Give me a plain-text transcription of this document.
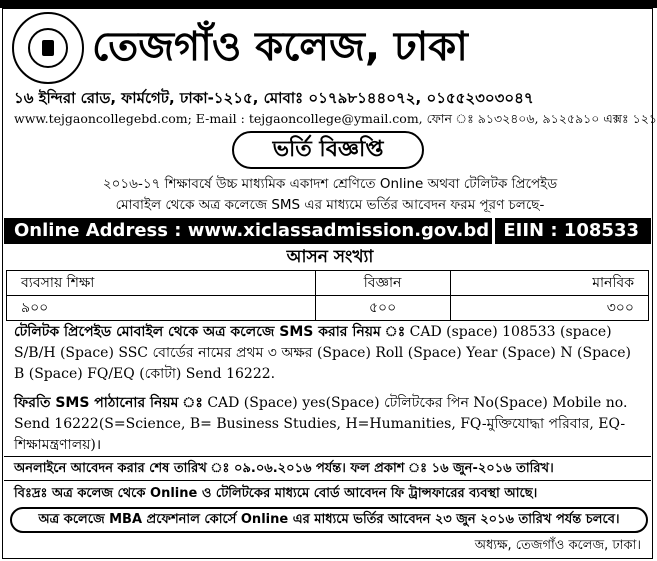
তেজগাঁও কলেজ, ঢাকা
১৬ ইন্দিরা রোড, ফার্মগেট, ঢাকা-১২১৫, মোবাঃ ০১৭৯৮১৪৪০৭২, ০১৫৫২৩০৩০৪৭
www.tejgaoncollegebd.com; E-mail : tejgaoncollege@ymail.com, ফোন ঃ ৯১৩২৪০৬, ৯১২৫৯১০ এক্সঃ ১২১
ভর্তি বিজ্ঞপ্তি
২০১৬-১৭ শিক্ষাবর্ষে উচ্চ মাধ্যমিক একাদশ শ্রেণিতে Online অথবা টেলিটক প্রিপেইড
মোবাইল থেকে অত্র কলেজে SMS এর মাধ্যমে ভর্তির আবেদন ফরম পূরণ চলছে-
Online Address : www.xiclassadmission.gov.bd EIIN : 108533
আসন সংখ্যা
ব্যবসায় শিক্ষা	বিজ্ঞান	মানবিক
৯০০	৫০০	৩০০
টেলিটক প্রিপেইড মোবাইল থেকে অত্র কলেজে SMS করার নিয়ম ঃ CAD (space) 108533 (space) S/B/H (Space) SSC বোর্ডের নামের প্রথম ৩ অক্ষর (Space) Roll (Space) Year (Space) N (Space) B (Space) FQ/EQ (কোটা) Send 16222.
ফিরতি SMS পাঠানোর নিয়ম ঃ CAD (Space) yes(Space) টেলিটকের পিন No(Space) Mobile no. Send 16222(S=Science, B= Business Studies, H=Humanities, FQ-মুক্তিযোদ্ধা পরিবার, EQ- শিক্ষামন্ত্রণালয়)।
অনলাইনে আবেদন করার শেষ তারিখ ঃ ০৯.০৬.২০১৬ পর্যন্ত। ফল প্রকাশ ঃ ১৬ জুন-২০১৬ তারিখ।
বিঃদ্রঃ অত্র কলেজ থেকে Online ও টেলিটকের মাধ্যমে বোর্ড আবেদন ফি ট্রান্সফারের ব্যবস্থা আছে।
অত্র কলেজে MBA প্রফেশনাল কোর্সে Online এর মাধ্যমে ভর্তির আবেদন ২৩ জুন ২০১৬ তারিখ পর্যন্ত চলবে।
অধ্যক্ষ, তেজগাঁও কলেজ, ঢাকা।
